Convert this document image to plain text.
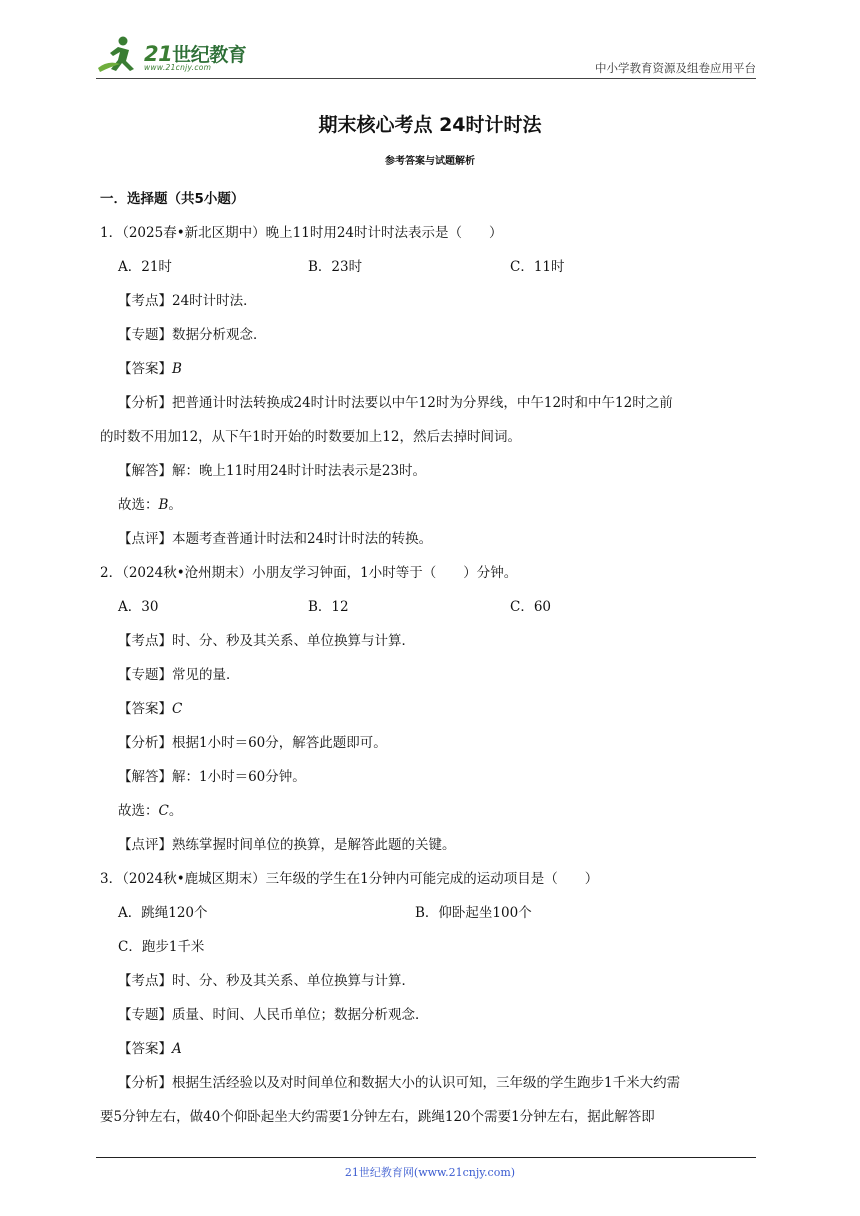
21世纪教育
www.21cnjy.com	中小学教育资源及组卷应用平台
期末核心考点 24时计时法
参考答案与试题解析
一．选择题（共5小题）
1．（2025春•新北区期中）晚上11时用24时计时法表示是（　　）
A．21时	B．23时	C．11时
【考点】24时计时法．
【专题】数据分析观念．
【答案】B
【分析】把普通计时法转换成24时计时法要以中午12时为分界线，中午12时和中午12时之前
的时数不用加12，从下午1时开始的时数要加上12，然后去掉时间词。
【解答】解：晚上11时用24时计时法表示是23时。
故选：B。
【点评】本题考查普通计时法和24时计时法的转换。
2．（2024秋•沧州期末）小朋友学习钟面，1小时等于（　　）分钟。
A．30	B．12	C．60
【考点】时、分、秒及其关系、单位换算与计算．
【专题】常见的量．
【答案】C
【分析】根据1小时＝60分，解答此题即可。
【解答】解：1小时＝60分钟。
故选：C。
【点评】熟练掌握时间单位的换算，是解答此题的关键。
3．（2024秋•鹿城区期末）三年级的学生在1分钟内可能完成的运动项目是（　　）
A．跳绳120个	B．仰卧起坐100个
C．跑步1千米
【考点】时、分、秒及其关系、单位换算与计算．
【专题】质量、时间、人民币单位；数据分析观念．
【答案】A
【分析】根据生活经验以及对时间单位和数据大小的认识可知，三年级的学生跑步1千米大约需
要5分钟左右，做40个仰卧起坐大约需要1分钟左右，跳绳120个需要1分钟左右，据此解答即
21世纪教育网(www.21cnjy.com)
